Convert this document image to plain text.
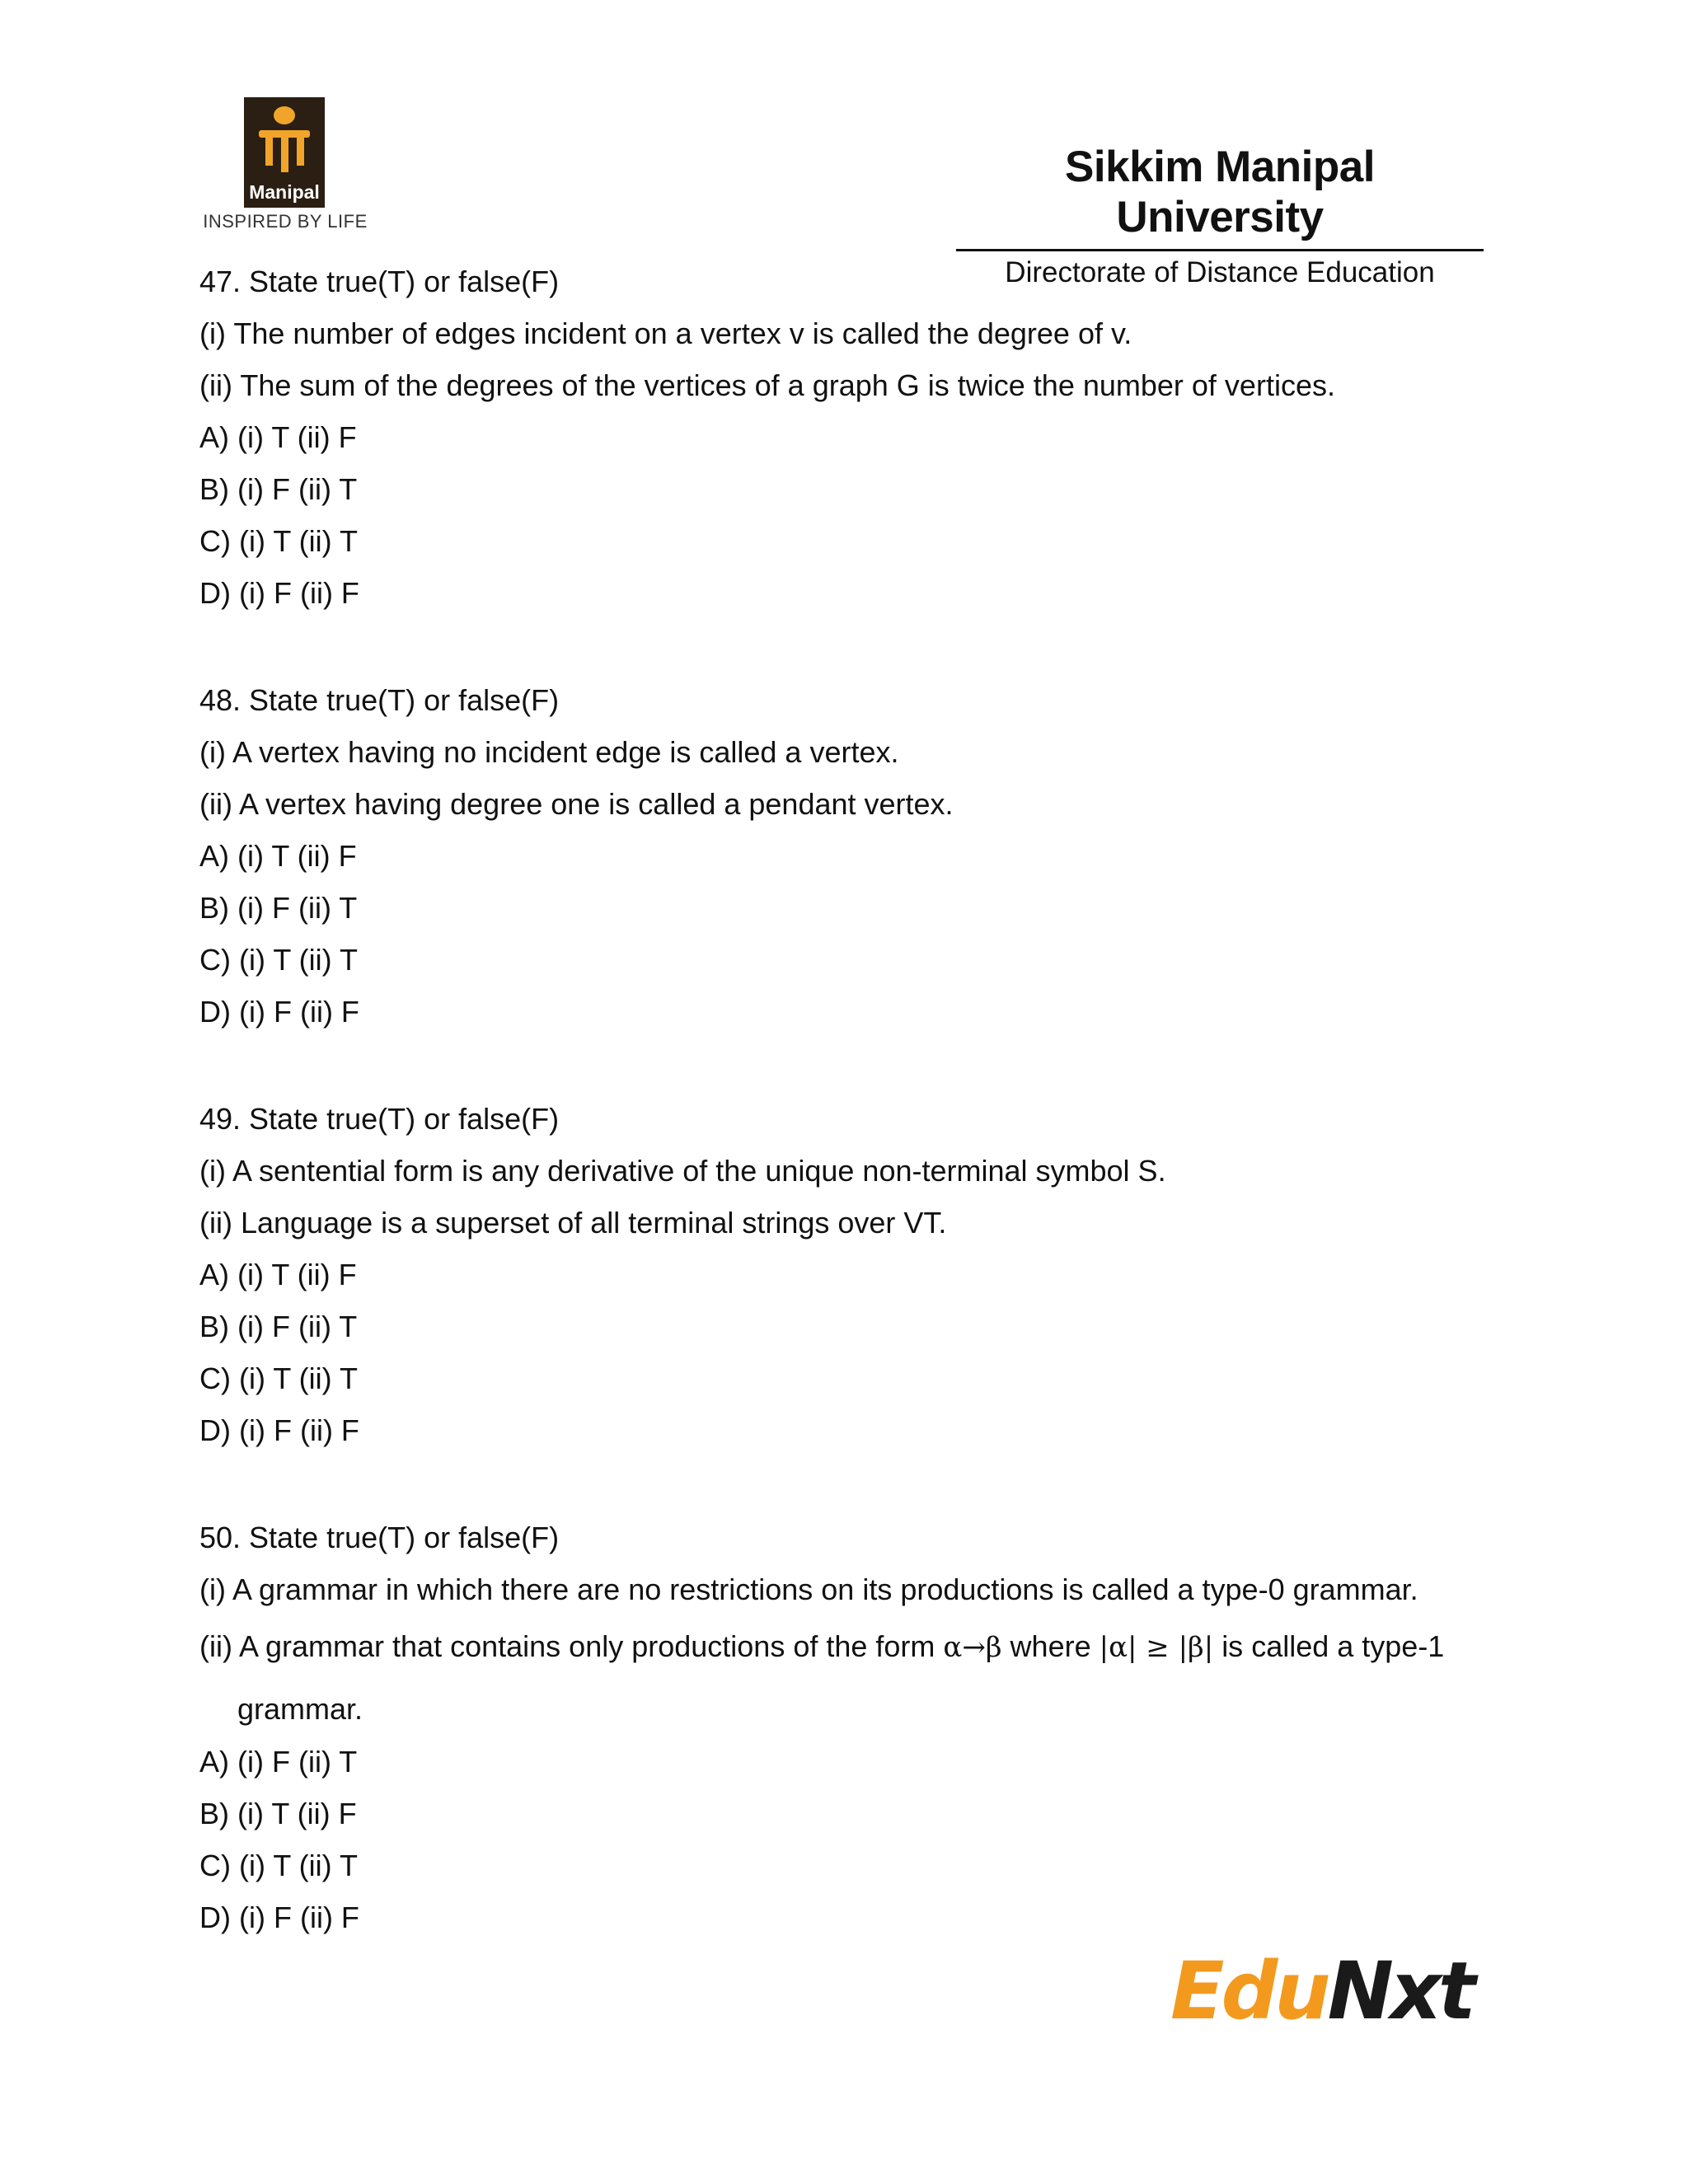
Manipal
INSPIRED BY LIFE
Sikkim Manipal University
Directorate of Distance Education
47. State true(T) or false(F)
(i) The number of edges incident on a vertex v is called the degree of v.
(ii) The sum of the degrees of the vertices of a graph G is twice the number of vertices.
A) (i) T (ii) F
B) (i) F (ii) T
C) (i) T (ii) T
D) (i) F (ii) F
48. State true(T) or false(F)
(i) A vertex having no incident edge is called a vertex.
(ii) A vertex having degree one is called a pendant vertex.
A) (i) T (ii) F
B) (i) F (ii) T
C) (i) T (ii) T
D) (i) F (ii) F
49. State true(T) or false(F)
(i) A sentential form is any derivative of the unique non-terminal symbol S.
(ii) Language is a superset of all terminal strings over VT.
A) (i) T (ii) F
B) (i) F (ii) T
C) (i) T (ii) T
D) (i) F (ii) F
50. State true(T) or false(F)
(i) A grammar in which there are no restrictions on its productions is called a type-0 grammar.
(ii) A grammar that contains only productions of the form α→β where |α| ≥ |β| is called a type-1
grammar.
A) (i) F (ii) T
B) (i) T (ii) F
C) (i) T (ii) T
D) (i) F (ii) F
EduNxt
